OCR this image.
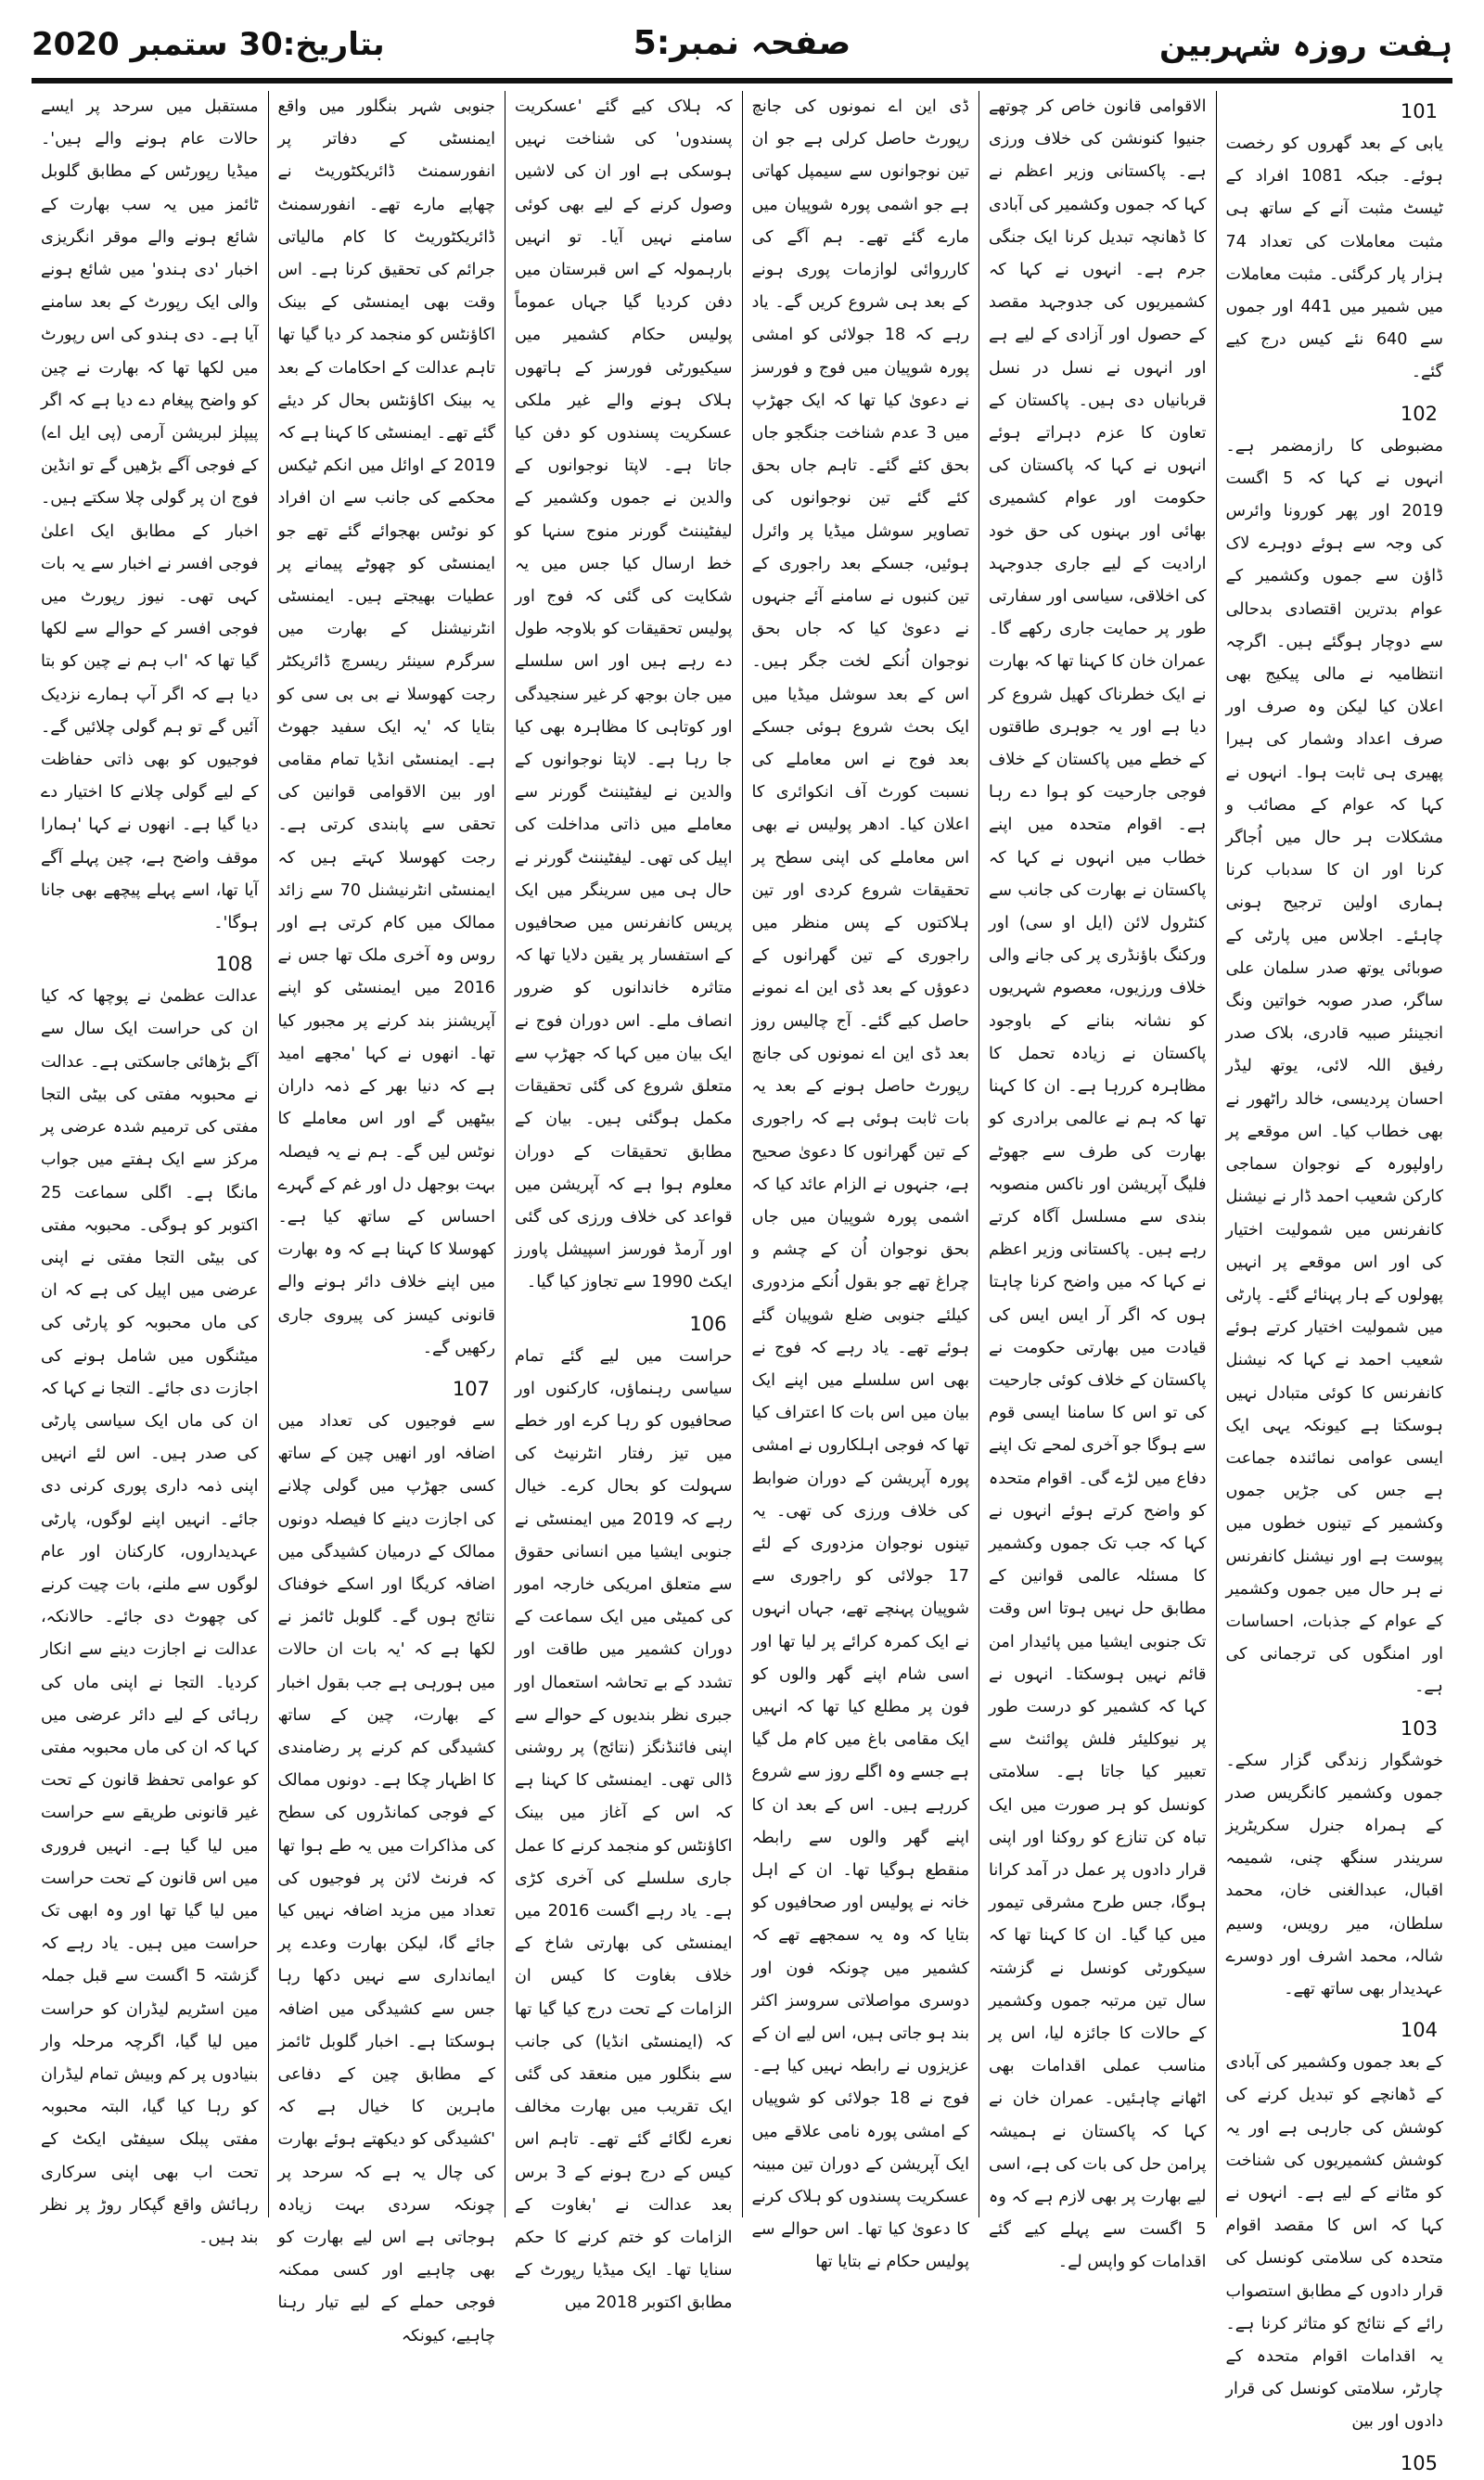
ہفت روزہ شہربین
صفحہ نمبر:5
بتاریخ:30 ستمبر 2020
101
یابی کے بعد گھروں کو رخصت ہوئے۔ جبکہ 1081 افراد کے ٹیسٹ مثبت آنے کے ساتھ ہی مثبت معاملات کی تعداد 74 ہزار پار کرگئی۔ مثبت معاملات میں شمیر میں 441 اور جموں سے 640 نئے کیس درج کیے گئے۔
102
مضبوطی کا رازمضمر ہے۔ انہوں نے کہا کہ 5 اگست 2019 اور پھر کورونا وائرس کی وجہ سے ہوئے دوہرے لاک ڈاؤن سے جموں وکشمیر کے عوام بدترین اقتصادی بدحالی سے دوچار ہوگئے ہیں۔ اگرچہ انتظامیہ نے مالی پیکیج بھی اعلان کیا لیکن وہ صرف اور صرف اعداد وشمار کی ہیرا پھیری ہی ثابت ہوا۔ انہوں نے کہا کہ عوام کے مصائب و مشکلات ہر حال میں اُجاگر کرنا اور ان کا سدباب کرنا ہماری اولین ترجیح ہونی چاہئے۔ اجلاس میں پارٹی کے صوبائی یوتھ صدر سلمان علی ساگر، صدر صوبہ خواتین ونگ انجینئر صبیہ قادری، بلاک صدر رفیق اللہ لائی، یوتھ لیڈر احسان پردیسی، خالد راٹھور نے بھی خطاب کیا۔ اس موقعے پر راولپورہ کے نوجوان سماجی کارکن شعیب احمد ڈار نے نیشنل کانفرنس میں شمولیت اختیار کی اور اس موقعے پر انہیں پھولوں کے ہار پہنائے گئے۔ پارٹی میں شمولیت اختیار کرتے ہوئے شعیب احمد نے کہا کہ نیشنل کانفرنس کا کوئی متبادل نہیں ہوسکتا ہے کیونکہ یہی ایک ایسی عوامی نمائندہ جماعت ہے جس کی جڑیں جموں وکشمیر کے تینوں خطوں میں پیوست ہے اور نیشنل کانفرنس نے ہر حال میں جموں وکشمیر کے عوام کے جذبات، احساسات اور امنگوں کی ترجمانی کی ہے۔
103
خوشگوار زندگی گزار سکے۔ جموں وکشمیر کانگریس صدر کے ہمراہ جنرل سکریٹریز سریندر سنگھ چنی، شمیمہ اقبال، عبدالغنی خان، محمد سلطان، میر رویس، وسیم شالہ، محمد اشرف اور دوسرے عہدیدار بھی ساتھ تھے۔
104
کے بعد جموں وکشمیر کی آبادی کے ڈھانچے کو تبدیل کرنے کی کوشش کی جارہی ہے اور یہ کوشش کشمیریوں کی شناخت کو مٹانے کے لیے ہے۔ انہوں نے کہا کہ اس کا مقصد اقوام متحدہ کی سلامتی کونسل کی قرار دادوں کے مطابق استصواب رائے کے نتائج کو متاثر کرنا ہے۔ یہ اقدامات اقوام متحدہ کے چارٹر، سلامتی کونسل کی قرار دادوں اور بین
105
الاقوامی قانون خاص کر چوتھے جنیوا کنونشن کی خلاف ورزی ہے۔ پاکستانی وزیر اعظم نے کہا کہ جموں وکشمیر کی آبادی کا ڈھانچہ تبدیل کرنا ایک جنگی جرم ہے۔ انہوں نے کہا کہ کشمیریوں کی جدوجہد مقصد کے حصول اور آزادی کے لیے ہے اور انہوں نے نسل در نسل قربانیاں دی ہیں۔ پاکستان کے تعاون کا عزم دہراتے ہوئے انہوں نے کہا کہ پاکستان کی حکومت اور عوام کشمیری بھائی اور بہنوں کی حق خود ارادیت کے لیے جاری جدوجہد کی اخلاقی، سیاسی اور سفارتی طور پر حمایت جاری رکھے گا۔ عمران خان کا کہنا تھا کہ بھارت نے ایک خطرناک کھیل شروع کر دیا ہے اور یہ جوہری طاقتوں کے خطے میں پاکستان کے خلاف فوجی جارحیت کو ہوا دے رہا ہے۔ اقوام متحدہ میں اپنے خطاب میں انہوں نے کہا کہ پاکستان نے بھارت کی جانب سے کنٹرول لائن (ایل او سی) اور ورکنگ باؤنڈری پر کی جانے والی خلاف ورزیوں، معصوم شہریوں کو نشانہ بنانے کے باوجود پاکستان نے زیادہ تحمل کا مظاہرہ کررہا ہے۔ ان کا کہنا تھا کہ ہم نے عالمی برادری کو بھارت کی طرف سے جھوٹے فلیگ آپریشن اور ناکس منصوبہ بندی سے مسلسل آگاہ کرتے رہے ہیں۔ پاکستانی وزیر اعظم نے کہا کہ میں واضح کرنا چاہتا ہوں کہ اگر آر ایس ایس کی قیادت میں بھارتی حکومت نے پاکستان کے خلاف کوئی جارحیت کی تو اس کا سامنا ایسی قوم سے ہوگا جو آخری لمحے تک اپنے دفاع میں لڑے گی۔ اقوام متحدہ کو واضح کرتے ہوئے انہوں نے کہا کہ جب تک جموں وکشمیر کا مسئلہ عالمی قوانین کے مطابق حل نہیں ہوتا اس وقت تک جنوبی ایشیا میں پائیدار امن قائم نہیں ہوسکتا۔ انہوں نے کہا کہ کشمیر کو درست طور پر نیوکلیئر فلش پوائنٹ سے تعبیر کیا جاتا ہے۔ سلامتی کونسل کو ہر صورت میں ایک تباہ کن تنازع کو روکنا اور اپنی قرار دادوں پر عمل در آمد کرانا ہوگا، جس طرح مشرقی تیمور میں کیا گیا۔ ان کا کہنا تھا کہ سیکورٹی کونسل نے گزشتہ سال تین مرتبہ جموں وکشمیر کے حالات کا جائزہ لیا، اس پر مناسب عملی اقدامات بھی اٹھانے چاہئیں۔ عمران خان نے کہا کہ پاکستان نے ہمیشہ پرامن حل کی بات کی ہے، اسی لیے بھارت پر بھی لازم ہے کہ وہ 5 اگست سے پہلے کیے گئے اقدامات کو واپس لے۔
ڈی این اے نمونوں کی جانچ رپورٹ حاصل کرلی ہے جو ان تین نوجوانوں سے سیمپل کھاتی ہے جو اشمی پورہ شوپیان میں مارے گئے تھے۔ ہم آگے کی کارروائی لوازمات پوری ہونے کے بعد ہی شروع کریں گے۔ یاد رہے کہ 18 جولائی کو امشی پورہ شوپیان میں فوج و فورسز نے دعویٰ کیا تھا کہ ایک جھڑپ میں 3 عدم شناخت جنگجو جاں بحق کئے گئے۔ تاہم جاں بحق کئے گئے تین نوجوانوں کی تصاویر سوشل میڈیا پر وائرل ہوئیں، جسکے بعد راجوری کے تین کنبوں نے سامنے آئے جنہوں نے دعویٰ کیا کہ جاں بحق نوجوان اُنکے لخت جگر ہیں۔ اس کے بعد سوشل میڈیا میں ایک بحث شروع ہوئی جسکے بعد فوج نے اس معاملے کی نسبت کورٹ آف انکوائری کا اعلان کیا۔ ادھر پولیس نے بھی اس معاملے کی اپنی سطح پر تحقیقات شروع کردی اور تین ہلاکتوں کے پس منظر میں راجوری کے تین گھرانوں کے دعوؤں کے بعد ڈی این اے نمونے حاصل کیے گئے۔ آج چالیس روز بعد ڈی این اے نمونوں کی جانچ رپورٹ حاصل ہونے کے بعد یہ بات ثابت ہوئی ہے کہ راجوری کے تین گھرانوں کا دعویٰ صحیح ہے، جنہوں نے الزام عائد کیا کہ اشمی پورہ شوپیان میں جاں بحق نوجوان اُن کے چشم و چراغ تھے جو بقول اُنکے مزدوری کیلئے جنوبی ضلع شوپیان گئے ہوئے تھے۔ یاد رہے کہ فوج نے بھی اس سلسلے میں اپنے ایک بیان میں اس بات کا اعتراف کیا تھا کہ فوجی اہلکاروں نے امشی پورہ آپریشن کے دوران ضوابط کی خلاف ورزی کی تھی۔ یہ تینوں نوجوان مزدوری کے لئے 17 جولائی کو راجوری سے شوپیان پہنچے تھے، جہاں انہوں نے ایک کمرہ کرائے پر لیا تھا اور اسی شام اپنے گھر والوں کو فون پر مطلع کیا تھا کہ انہیں ایک مقامی باغ میں کام مل گیا ہے جسے وہ اگلے روز سے شروع کررہے ہیں۔ اس کے بعد ان کا اپنے گھر والوں سے رابطہ منقطع ہوگیا تھا۔ ان کے اہل خانہ نے پولیس اور صحافیوں کو بتایا کہ وہ یہ سمجھے تھے کہ کشمیر میں چونکہ فون اور دوسری مواصلاتی سروسز اکثر بند ہو جاتی ہیں، اس لیے ان کے عزیزوں نے رابطہ نہیں کیا ہے۔ فوج نے 18 جولائی کو شوپیاں کے امشی پورہ نامی علاقے میں ایک آپریشن کے دوران تین مبینہ عسکریت پسندوں کو ہلاک کرنے کا دعویٰ کیا تھا۔ اس حوالے سے پولیس حکام نے بتایا تھا
کہ ہلاک کیے گئے 'عسکریت پسندوں' کی شناخت نہیں ہوسکی ہے اور ان کی لاشیں وصول کرنے کے لیے بھی کوئی سامنے نہیں آیا۔ تو انہیں بارہمولہ کے اس قبرستان میں دفن کردیا گیا جہاں عموماً پولیس حکام کشمیر میں سیکیورٹی فورسز کے ہاتھوں ہلاک ہونے والے غیر ملکی عسکریت پسندوں کو دفن کیا جاتا ہے۔ لاپتا نوجوانوں کے والدین نے جموں وکشمیر کے لیفٹیننٹ گورنر منوج سنہا کو خط ارسال کیا جس میں یہ شکایت کی گئی کہ فوج اور پولیس تحقیقات کو بلاوجہ طول دے رہے ہیں اور اس سلسلے میں جان بوجھ کر غیر سنجیدگی اور کوتاہی کا مظاہرہ بھی کیا جا رہا ہے۔ لاپتا نوجوانوں کے والدین نے لیفٹیننٹ گورنر سے معاملے میں ذاتی مداخلت کی اپیل کی تھی۔ لیفٹیننٹ گورنر نے حال ہی میں سرینگر میں ایک پریس کانفرنس میں صحافیوں کے استفسار پر یقین دلایا تھا کہ متاثرہ خاندانوں کو ضرور انصاف ملے۔ اس دوران فوج نے ایک بیان میں کہا کہ جھڑپ سے متعلق شروع کی گئی تحقیقات مکمل ہوگئی ہیں۔ بیان کے مطابق تحقیقات کے دوران معلوم ہوا ہے کہ آپریشن میں قواعد کی خلاف ورزی کی گئی اور آرمڈ فورسز اسپیشل پاورز ایکٹ 1990 سے تجاوز کیا گیا۔
106
حراست میں لیے گئے تمام سیاسی رہنماؤں، کارکنوں اور صحافیوں کو رہا کرے اور خطے میں تیز رفتار انٹرنیٹ کی سہولت کو بحال کرے۔ خیال رہے کہ 2019 میں ایمنسٹی نے جنوبی ایشیا میں انسانی حقوق سے متعلق امریکی خارجہ امور کی کمیٹی میں ایک سماعت کے دوران کشمیر میں طاقت اور تشدد کے بے تحاشہ استعمال اور جبری نظر بندیوں کے حوالے سے اپنی فائنڈنگز (نتائج) پر روشنی ڈالی تھی۔ ایمنسٹی کا کہنا ہے کہ اس کے آغاز میں بینک اکاؤنٹس کو منجمد کرنے کا عمل جاری سلسلے کی آخری کڑی ہے۔ یاد رہے اگست 2016 میں ایمنسٹی کی بھارتی شاخ کے خلاف بغاوت کا کیس ان الزامات کے تحت درج کیا گیا تھا کہ (ایمنسٹی انڈیا) کی جانب سے بنگلور میں منعقد کی گئی ایک تقریب میں بھارت مخالف نعرے لگائے گئے تھے۔ تاہم اس کیس کے درج ہونے کے 3 برس بعد عدالت نے 'بغاوت کے الزامات کو ختم کرنے کا حکم سنایا تھا۔ ایک میڈیا رپورٹ کے مطابق اکتوبر 2018 میں
جنوبی شہر بنگلور میں واقع ایمنسٹی کے دفاتر پر انفورسمنٹ ڈائریکٹوریٹ نے چھاپے مارے تھے۔ انفورسمنٹ ڈائریکٹوریٹ کا کام مالیاتی جرائم کی تحقیق کرنا ہے۔ اس وقت بھی ایمنسٹی کے بینک اکاؤنٹس کو منجمد کر دیا گیا تھا تاہم عدالت کے احکامات کے بعد یہ بینک اکاؤنٹس بحال کر دیئے گئے تھے۔ ایمنسٹی کا کہنا ہے کہ 2019 کے اوائل میں انکم ٹیکس محکمے کی جانب سے ان افراد کو نوٹس بھجوائے گئے تھے جو ایمنسٹی کو چھوٹے پیمانے پر عطیات بھیجتے ہیں۔ ایمنسٹی انٹرنیشنل کے بھارت میں سرگرم سینئر ریسرچ ڈائریکٹر رجت کھوسلا نے بی بی سی کو بتایا کہ 'یہ ایک سفید جھوٹ ہے۔ ایمنسٹی انڈیا تمام مقامی اور بین الاقوامی قوانین کی تحقی سے پابندی کرتی ہے۔ رجت کھوسلا کہتے ہیں کہ ایمنسٹی انٹرنیشنل 70 سے زائد ممالک میں کام کرتی ہے اور روس وہ آخری ملک تھا جس نے 2016 میں ایمنسٹی کو اپنے آپریشنز بند کرنے پر مجبور کیا تھا۔ انھوں نے کہا 'مجھے امید ہے کہ دنیا بھر کے ذمہ داران بیٹھیں گے اور اس معاملے کا نوٹس لیں گے۔ ہم نے یہ فیصلہ بہت بوجھل دل اور غم کے گہرے احساس کے ساتھ کیا ہے۔ کھوسلا کا کہنا ہے کہ وہ بھارت میں اپنے خلاف دائر ہونے والے قانونی کیسز کی پیروی جاری رکھیں گے۔
107
سے فوجیوں کی تعداد میں اضافہ اور انھیں چین کے ساتھ کسی جھڑپ میں گولی چلانے کی اجازت دینے کا فیصلہ دونوں ممالک کے درمیان کشیدگی میں اضافہ کریگا اور اسکے خوفناک نتائج ہوں گے۔ گلوبل ٹائمز نے لکھا ہے کہ 'یہ بات ان حالات میں ہورہی ہے جب بقول اخبار کے بھارت، چین کے ساتھ کشیدگی کم کرنے پر رضامندی کا اظہار چکا ہے۔ دونوں ممالک کے فوجی کمانڈروں کی سطح کی مذاکرات میں یہ طے ہوا تھا کہ فرنٹ لائن پر فوجیوں کی تعداد میں مزید اضافہ نہیں کیا جائے گا، لیکن بھارت وعدے پر ایمانداری سے نہیں دکھا رہا جس سے کشیدگی میں اضافہ ہوسکتا ہے۔ اخبار گلوبل ٹائمز کے مطابق چین کے دفاعی ماہرین کا خیال ہے کہ 'کشیدگی کو دیکھتے ہوئے بھارت کی چال یہ ہے کہ سرحد پر چونکہ سردی بہت زیادہ ہوجاتی ہے اس لیے بھارت کو بھی چاہیے اور کسی ممکنہ فوجی حملے کے لیے تیار رہنا چاہیے، کیونکہ
مستقبل میں سرحد پر ایسے حالات عام ہونے والے ہیں'۔ میڈیا رپورٹس کے مطابق گلوبل ٹائمز میں یہ سب بھارت کے شائع ہونے والے موقر انگریزی اخبار 'دی ہندو' میں شائع ہونے والی ایک رپورٹ کے بعد سامنے آیا ہے۔ دی ہندو کی اس رپورٹ میں لکھا تھا کہ بھارت نے چین کو واضح پیغام دے دیا ہے کہ اگر پیپلز لبریشن آرمی (پی ایل اے) کے فوجی آگے بڑھیں گے تو انڈین فوج ان پر گولی چلا سکتے ہیں۔ اخبار کے مطابق ایک اعلیٰ فوجی افسر نے اخبار سے یہ بات کہی تھی۔ نیوز رپورٹ میں فوجی افسر کے حوالے سے لکھا گیا تھا کہ 'اب ہم نے چین کو بتا دیا ہے کہ اگر آپ ہمارے نزدیک آئیں گے تو ہم گولی چلائیں گے۔ فوجیوں کو بھی ذاتی حفاظت کے لیے گولی چلانے کا اختیار دے دیا گیا ہے۔ انھوں نے کہا 'ہمارا موقف واضح ہے، چین پہلے آگے آیا تھا، اسے پہلے پیچھے بھی جانا ہوگا'۔
108
عدالت عظمیٰ نے پوچھا کہ کیا ان کی حراست ایک سال سے آگے بڑھائی جاسکتی ہے۔ عدالت نے محبوبہ مفتی کی بیٹی التجا مفتی کی ترمیم شدہ عرضی پر مرکز سے ایک ہفتے میں جواب مانگا ہے۔ اگلی سماعت 25 اکتوبر کو ہوگی۔ محبوبہ مفتی کی بیٹی التجا مفتی نے اپنی عرضی میں اپیل کی ہے کہ ان کی ماں محبوبہ کو پارٹی کی میٹنگوں میں شامل ہونے کی اجازت دی جائے۔ التجا نے کہا کہ ان کی ماں ایک سیاسی پارٹی کی صدر ہیں۔ اس لئے انہیں اپنی ذمہ داری پوری کرنی دی جائے۔ انہیں اپنے لوگوں، پارٹی عہدیداروں، کارکنان اور عام لوگوں سے ملنے، بات چیت کرنے کی چھوٹ دی جائے۔ حالانکہ، عدالت نے اجازت دینے سے انکار کردیا۔ التجا نے اپنی ماں کی رہائی کے لیے دائر عرضی میں کہا کہ ان کی ماں محبوبہ مفتی کو عوامی تحفظ قانون کے تحت غیر قانونی طریقے سے حراست میں لیا گیا ہے۔ انہیں فروری میں اس قانون کے تحت حراست میں لیا گیا تھا اور وہ ابھی تک حراست میں ہیں۔ یاد رہے کہ گزشتہ 5 اگست سے قبل جملہ مین اسٹریم لیڈران کو حراست میں لیا گیا، اگرچہ مرحلہ وار بنیادوں پر کم وبیش تمام لیڈران کو رہا کیا گیا، البتہ محبوبہ مفتی پبلک سیفٹی ایکٹ کے تحت اب بھی اپنی سرکاری رہائش واقع گپکار روڑ پر نظر بند ہیں۔
